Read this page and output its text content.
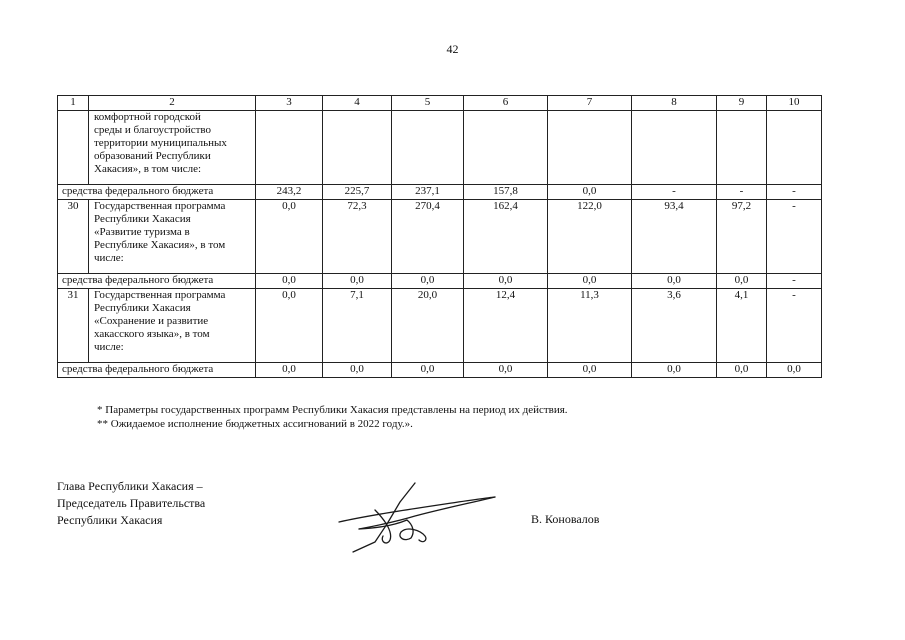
42
1	2	3	4	5	6	7	8	9	10

	комфортной городской
среды и благоустройство
территории муниципальных
образований Республики
Хакасия», в том числе:								

средства федерального бюджета		243,2	225,7	237,1	157,8	0,0	-	-	-
30	Государственная программа
Республики Хакасия
«Развитие туризма в
Республике Хакасия», в том
числе:	0,0	72,3	270,4	162,4	122,0	93,4	97,2	-
средства федерального бюджета		0,0	0,0	0,0	0,0	0,0	0,0	0,0	-
31	Государственная программа
Республики Хакасия
«Сохранение и развитие
хакасского языка», в том
числе:	0,0	7,1	20,0	12,4	11,3	3,6	4,1	-
средства федерального бюджета		0,0	0,0	0,0	0,0	0,0	0,0	0,0	0,0
* Параметры государственных программ Республики Хакасия представлены на период их действия.
** Ожидаемое исполнение бюджетных ассигнований в 2022 году.».
Глава Республики Хакасия –
Председатель Правительства
Республики Хакасия	В. Коновалов
